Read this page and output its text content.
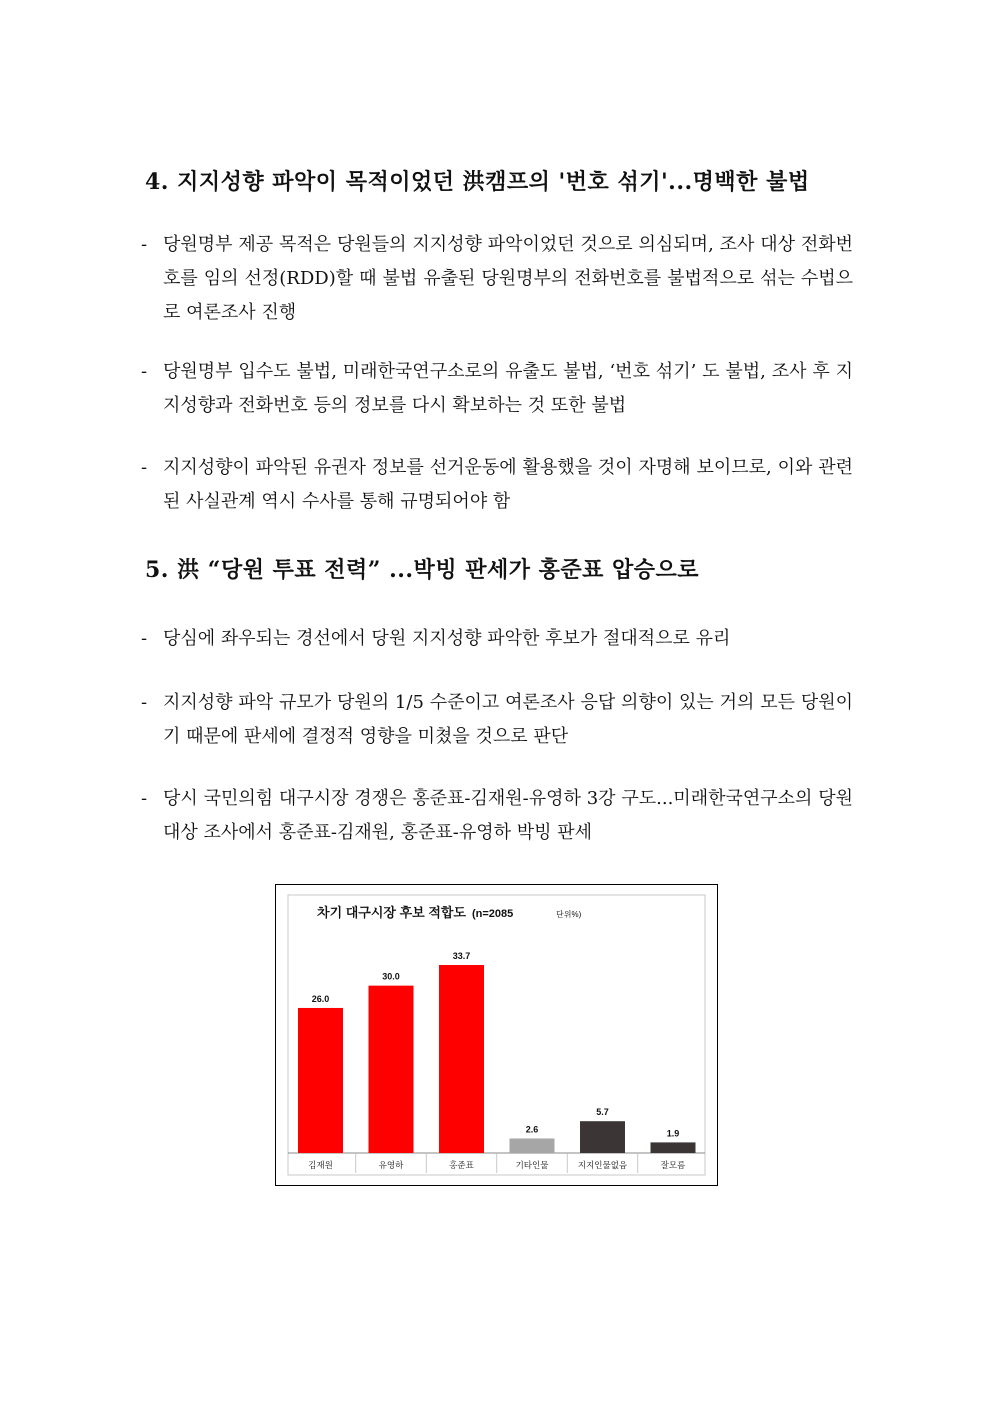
4. 지지성향 파악이 목적이었던 洪캠프의 '번호 섞기'...명백한 불법
- 당원명부 제공 목적은 당원들의 지지성향 파악이었던 것으로 의심되며, 조사 대상 전화번호를 임의 선정(RDD)할 때 불법 유출된 당원명부의 전화번호를 불법적으로 섞는 수법으로 여론조사 진행
- 당원명부 입수도 불법, 미래한국연구소로의 유출도 불법, ‘번호 섞기’ 도 불법, 조사 후 지지성향과 전화번호 등의 정보를 다시 확보하는 것 또한 불법
- 지지성향이 파악된 유권자 정보를 선거운동에 활용했을 것이 자명해 보이므로, 이와 관련된 사실관계 역시 수사를 통해 규명되어야 함
5. 洪 “당원 투표 전력” ...박빙 판세가 홍준표 압승으로
- 당심에 좌우되는 경선에서 당원 지지성향 파악한 후보가 절대적으로 유리
- 지지성향 파악 규모가 당원의 1/5 수준이고 여론조사 응답 의향이 있는 거의 모든 당원이기 때문에 판세에 결정적 영향을 미쳤을 것으로 판단
- 당시 국민의힘 대구시장 경쟁은 홍준표-김재원-유영하 3강 구도...미래한국연구소의 당원 대상 조사에서 홍준표-김재원, 홍준표-유영하 박빙 판세
차기 대구시장 후보 적합도 (n=2085	단위%)
26.0
김재원
30.0
유영하
33.7
홍준표
2.6
기타인물
5.7
지지인물없음
1.9
잘모름
